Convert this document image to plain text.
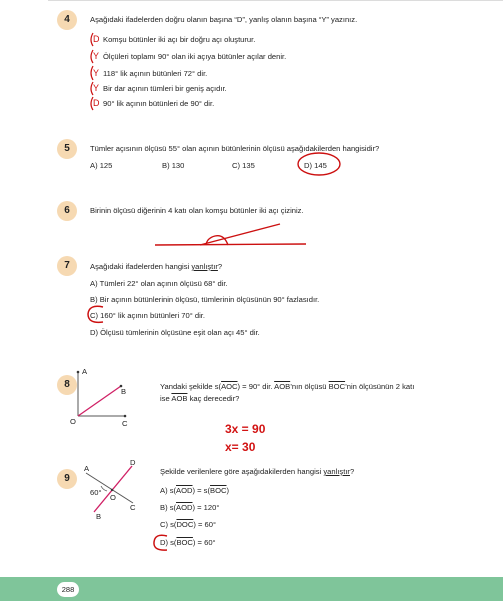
4	Aşağıdaki ifadelerden doğru olanın başına “D”, yanlış olanın başına “Y” yazınız.
D Komşu bütünler iki açı bir doğru açı oluşturur.
Y Ölçüleri toplamı 90° olan iki açıya bütünler açılar denir.
Y 118° lik açının bütünleri 72° dir.
Y Bir dar açının tümleri bir geniş açıdır.
D 90° lik açının bütünleri de 90° dir.
5	Tümler açısının ölçüsü 55° olan açının bütünlerinin ölçüsü aşağıdakilerden hangisidir?
A) 125	B) 130	C) 135	D) 145
6	Birinin ölçüsü diğerinin 4 katı olan komşu bütünler iki açı çiziniz.
7	Aşağıdaki ifadelerden hangisi yanlıştır?
A) Tümleri 22° olan açının ölçüsü 68° dir.
B) Bir açının bütünlerinin ölçüsü, tümlerinin ölçüsünün 90° fazlasıdır.
C) 160° lik açının bütünleri 70° dir.
D) Ölçüsü tümlerinin ölçüsüne eşit olan açı 45° dir.
8
A
B
O	C
Yandaki şekilde $s(\overline{AOC}) = 90^\circ$ dir. $\overline{AOB}’nın$ ölçüsü $\overline{BOC}’nin$ ölçüsünün 2 katı
ise $\overline{AOB}$ kaç derecedir?
3x = 90
x= 30
9
A
D
60°
O
C
B
Şekilde verilenlere göre aşağıdakilerden hangisi yanlıştır?
A) $s(\overline{AOD}) = s(\overline{BOC})$
B) $s(\overline{AOD}) = 120^\circ$
C) $s(\overline{DOC}) = 60^\circ$
D) $s(\overline{BOC}) = 60^\circ$
288
